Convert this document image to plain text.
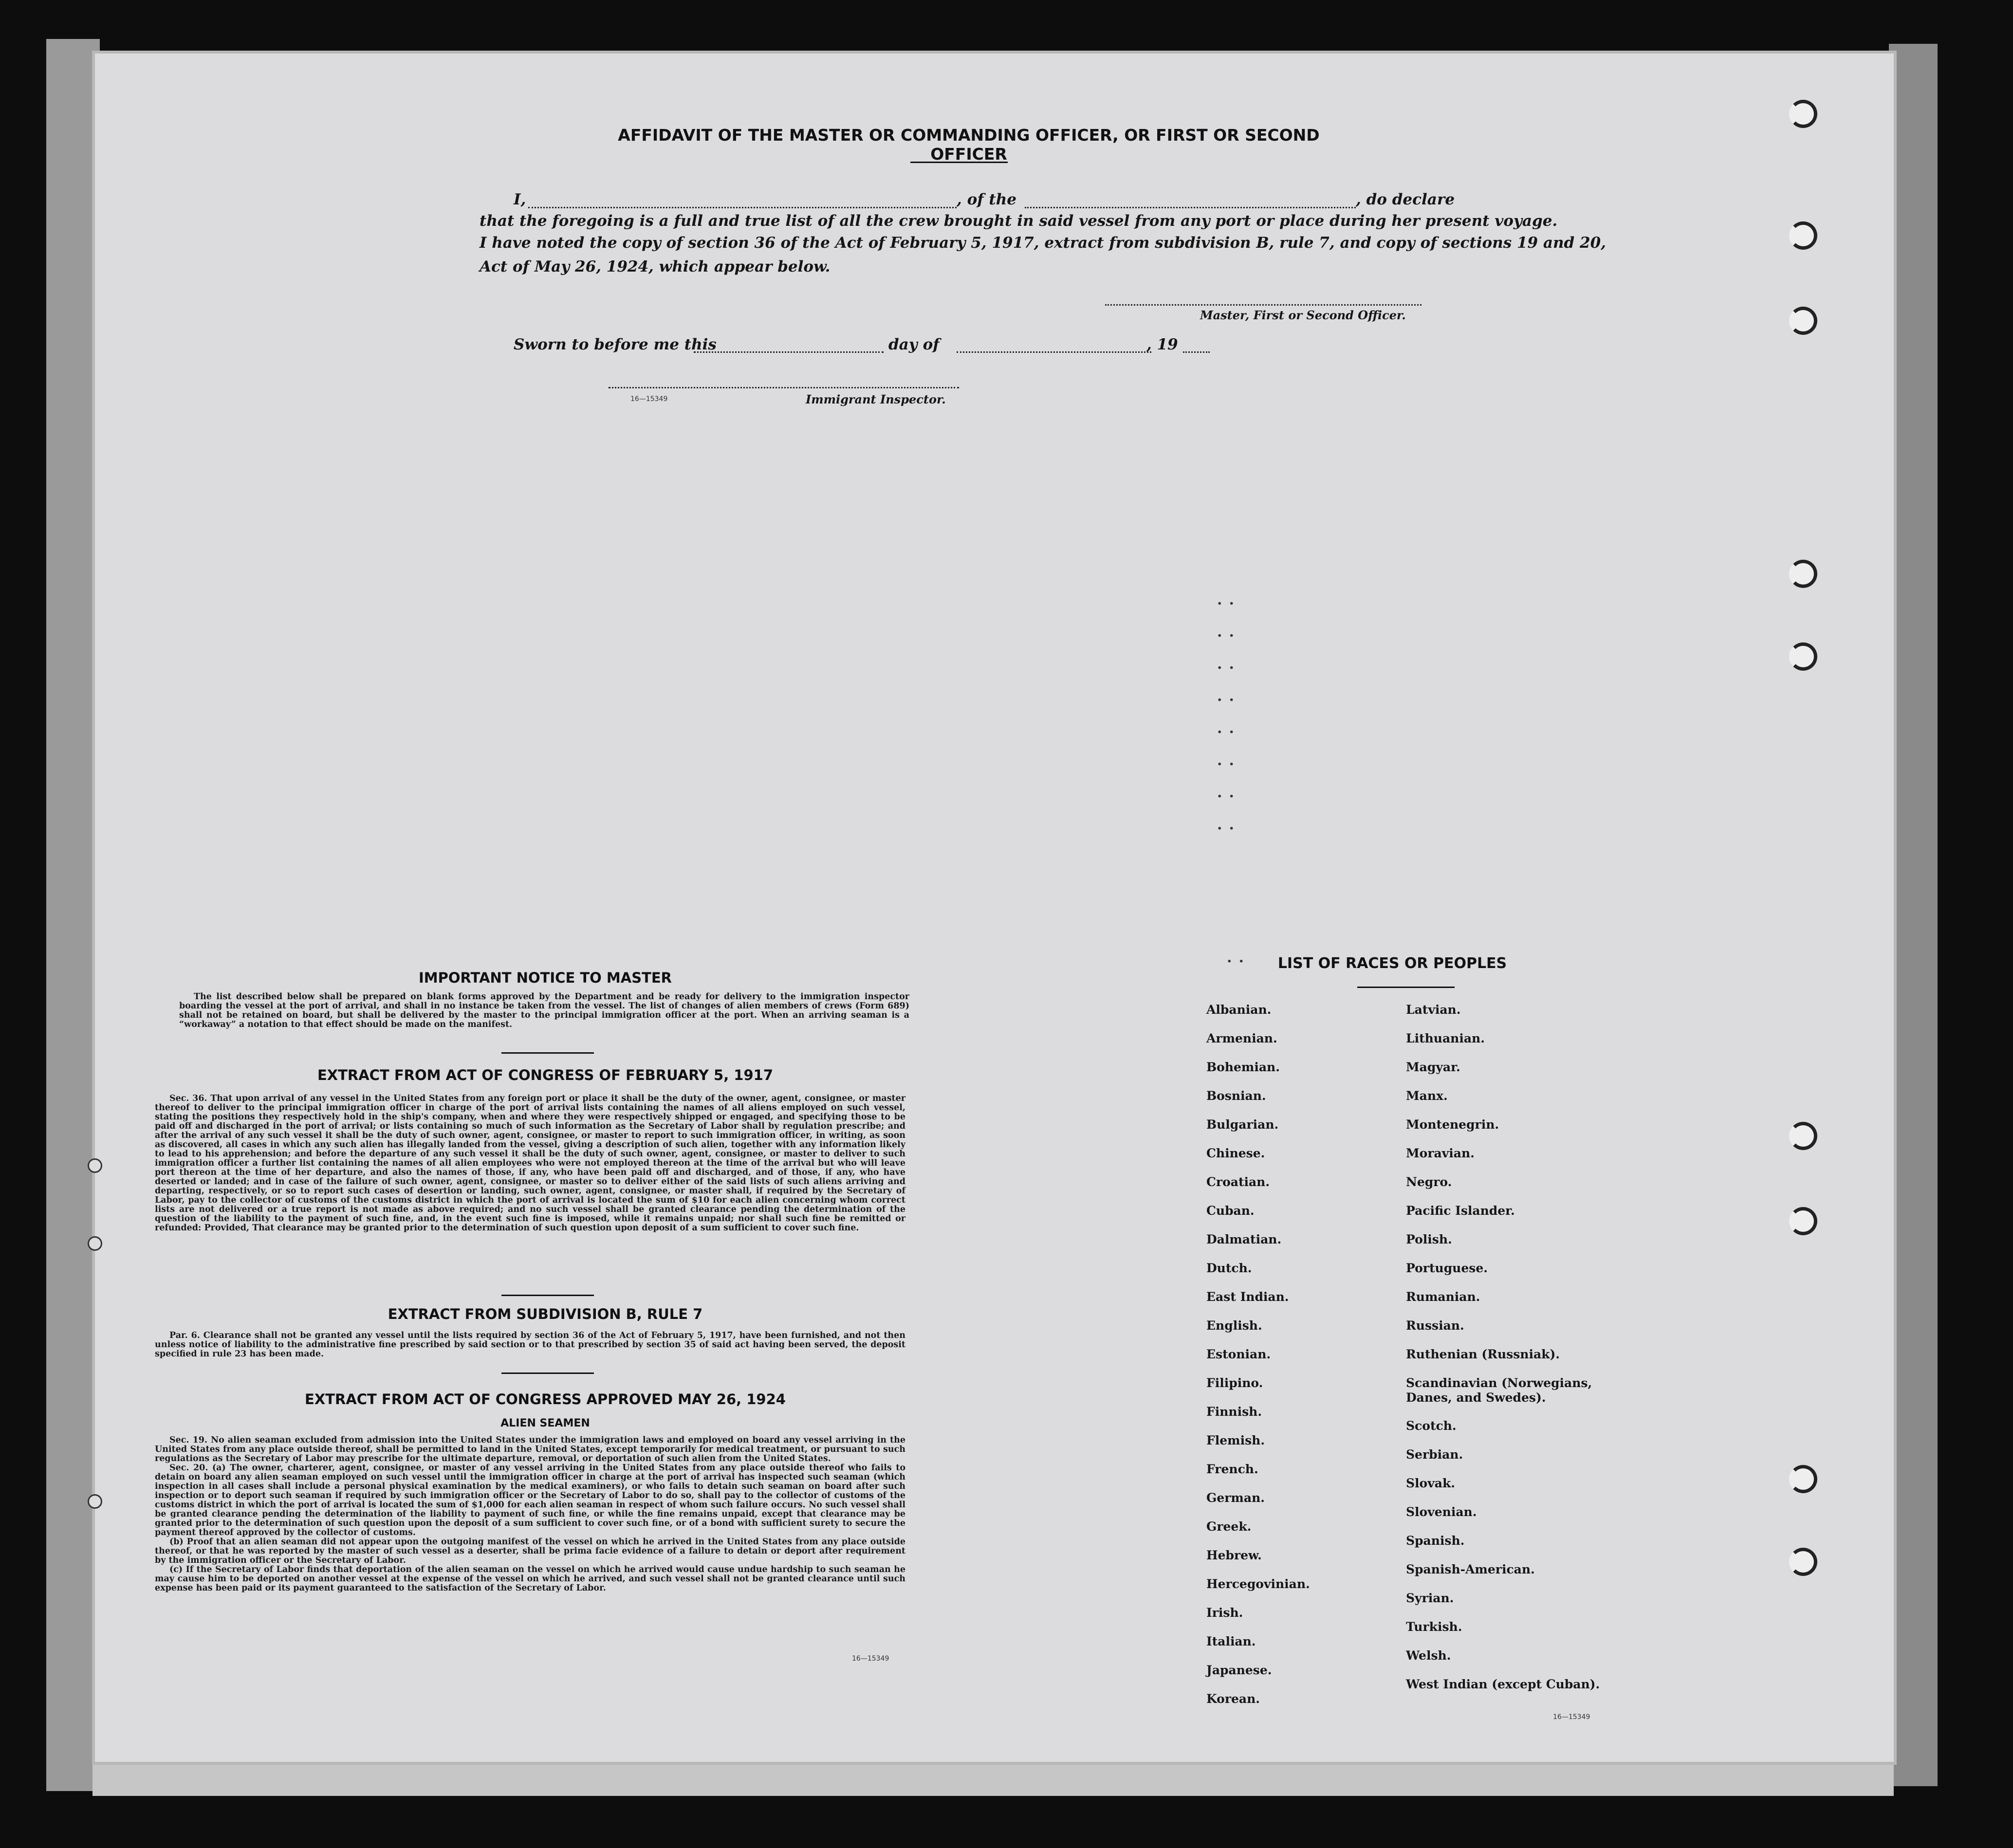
AFFIDAVIT OF THE MASTER OR COMMANDING OFFICER, OR FIRST OR SECOND OFFICER
I,	, of the	, do declare
that the foregoing is a full and true list of all the crew brought in said vessel from any port or place during her present voyage.
I have noted the copy of section 36 of the Act of February 5, 1917, extract from subdivision B, rule 7, and copy of sections 19 and 20,
Act of May 26, 1924, which appear below.
Master, First or Second Officer.
Sworn to before me this	day of	, 19
16—15349	Immigrant Inspector.
..
..
..
..
..
..
..
..
..
IMPORTANT NOTICE TO MASTER

The list described below shall be prepared on blank forms approved by the Department and be ready for delivery to the immigration inspector boarding the vessel at the port of arrival, and shall in no instance be taken from the vessel. The list of changes of alien members of crews (Form 689) shall not be retained on board, but shall be delivered by the master to the principal immigration officer at the port. When an arriving seaman is a “workaway” a notation to that effect should be made on the manifest.

EXTRACT FROM ACT OF CONGRESS OF FEBRUARY 5, 1917

Sec. 36. That upon arrival of any vessel in the United States from any foreign port or place it shall be the duty of the owner, agent, consignee, or master thereof to deliver to the principal immigration officer in charge of the port of arrival lists containing the names of all aliens employed on such vessel, stating the positions they respectively hold in the ship's company, when and where they were respectively shipped or engaged, and specifying those to be paid off and discharged in the port of arrival; or lists containing so much of such information as the Secretary of Labor shall by regulation prescribe; and after the arrival of any such vessel it shall be the duty of such owner, agent, consignee, or master to report to such immigration officer, in writing, as soon as discovered, all cases in which any such alien has illegally landed from the vessel, giving a description of such alien, together with any information likely to lead to his apprehension; and before the departure of any such vessel it shall be the duty of such owner, agent, consignee, or master to deliver to such immigration officer a further list containing the names of all alien employees who were not employed thereon at the time of the arrival but who will leave port thereon at the time of her departure, and also the names of those, if any, who have been paid off and discharged, and of those, if any, who have deserted or landed; and in case of the failure of such owner, agent, consignee, or master so to deliver either of the said lists of such aliens arriving and departing, respectively, or so to report such cases of desertion or landing, such owner, agent, consignee, or master shall, if required by the Secretary of Labor, pay to the collector of customs of the customs district in which the port of arrival is located the sum of $10 for each alien concerning whom correct lists are not delivered or a true report is not made as above required; and no such vessel shall be granted clearance pending the determination of the question of the liability to the payment of such fine, and, in the event such fine is imposed, while it remains unpaid; nor shall such fine be remitted or refunded: Provided, That clearance may be granted prior to the determination of such question upon deposit of a sum sufficient to cover such fine.

EXTRACT FROM SUBDIVISION B, RULE 7

Par. 6. Clearance shall not be granted any vessel until the lists required by section 36 of the Act of February 5, 1917, have been furnished, and not then unless notice of liability to the administrative fine prescribed by said section or to that prescribed by section 35 of said act having been served, the deposit specified in rule 23 has been made.

EXTRACT FROM ACT OF CONGRESS APPROVED MAY 26, 1924
ALIEN SEAMEN

Sec. 19. No alien seaman excluded from admission into the United States under the immigration laws and employed on board any vessel arriving in the United States from any place outside thereof, shall be permitted to land in the United States, except temporarily for medical treatment, or pursuant to such regulations as the Secretary of Labor may prescribe for the ultimate departure, removal, or deportation of such alien from the United States.

Sec. 20. (a) The owner, charterer, agent, consignee, or master of any vessel arriving in the United States from any place outside thereof who fails to detain on board any alien seaman employed on such vessel until the immigration officer in charge at the port of arrival has inspected such seaman (which inspection in all cases shall include a personal physical examination by the medical examiners), or who fails to detain such seaman on board after such inspection or to deport such seaman if required by such immigration officer or the Secretary of Labor to do so, shall pay to the collector of customs of the customs district in which the port of arrival is located the sum of $1,000 for each alien seaman in respect of whom such failure occurs. No such vessel shall be granted clearance pending the determination of the liability to payment of such fine, or while the fine remains unpaid, except that clearance may be granted prior to the determination of such question upon the deposit of a sum sufficient to cover such fine, or of a bond with sufficient surety to secure the payment thereof approved by the collector of customs.

(b) Proof that an alien seaman did not appear upon the outgoing manifest of the vessel on which he arrived in the United States from any place outside thereof, or that he was reported by the master of such vessel as a deserter, shall be prima facie evidence of a failure to detain or deport after requirement by the immigration officer or the Secretary of Labor.

(c) If the Secretary of Labor finds that deportation of the alien seaman on the vessel on which he arrived would cause undue hardship to such seaman he may cause him to be deported on another vessel at the expense of the vessel on which he arrived, and such vessel shall not be granted clearance until such expense has been paid or its payment guaranteed to the satisfaction of the Secretary of Labor.

16—15349
LIST OF RACES OR PEOPLES
Albanian.
Armenian.
Bohemian.
Bosnian.
Bulgarian.
Chinese.
Croatian.
Cuban.
Dalmatian.
Dutch.
East Indian.
English.
Estonian.
Filipino.
Finnish.
Flemish.
French.
German.
Greek.
Hebrew.
Hercegovinian.
Irish.
Italian.
Japanese.
Korean.
Latvian.
Lithuanian.
Magyar.
Manx.
Montenegrin.
Moravian.
Negro.
Pacific Islander.
Polish.
Portuguese.
Rumanian.
Russian.
Ruthenian (Russniak).
Scandinavian (Norwegians, Danes, and Swedes).
Scotch.
Serbian.
Slovak.
Slovenian.
Spanish.
Spanish-American.
Syrian.
Turkish.
Welsh.
West Indian (except Cuban).
16—15349
